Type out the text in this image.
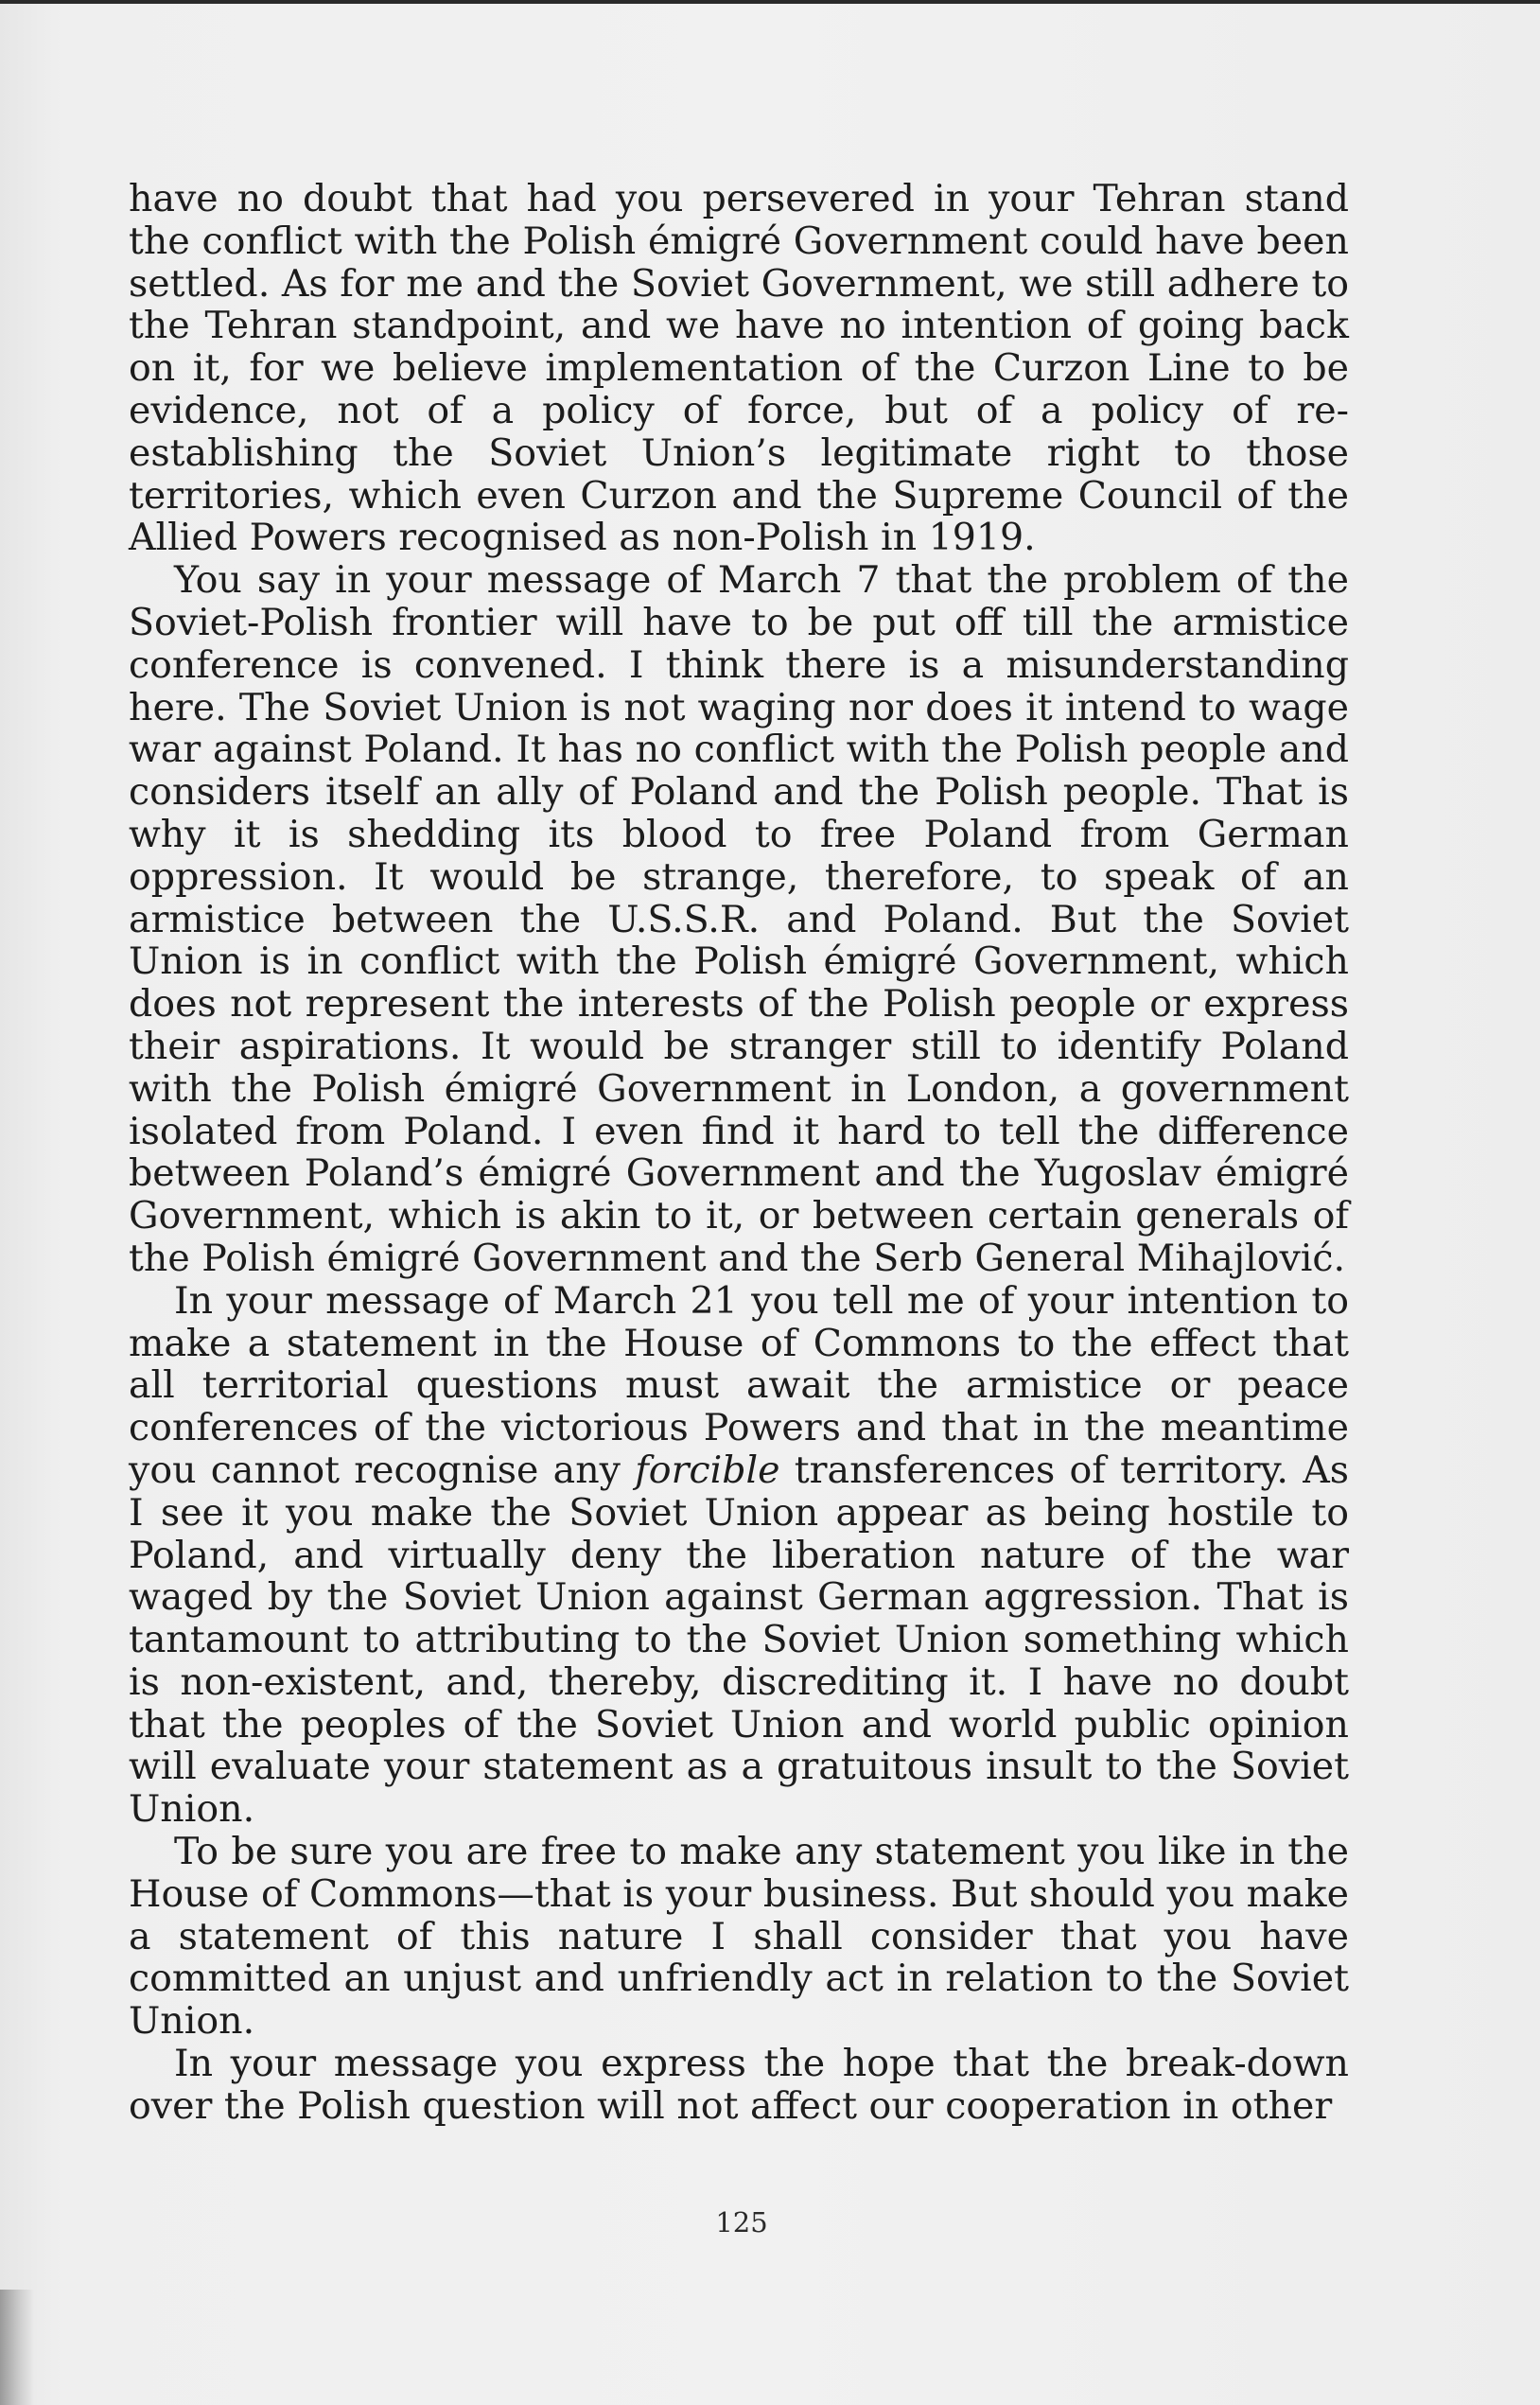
have no doubt that had you persevered in your Tehran stand the conflict with the Polish émigré Government could have been settled. As for me and the Soviet Government, we still adhere to the Tehran standpoint, and we have no intention of going back on it, for we believe implementation of the Curzon Line to be evidence, not of a policy of force, but of a policy of re-establishing the Soviet Union’s legitimate right to those territories, which even Curzon and the Supreme Council of the Allied Powers recognised as non-Polish in 1919.

You say in your message of March 7 that the problem of the Soviet-Polish frontier will have to be put off till the armistice conference is convened. I think there is a misunderstanding here. The Soviet Union is not waging nor does it intend to wage war against Poland. It has no conflict with the Polish people and considers itself an ally of Poland and the Polish people. That is why it is shedding its blood to free Poland from German oppression. It would be strange, therefore, to speak of an armistice between the U.S.S.R. and Poland. But the Soviet Union is in conflict with the Polish émigré Government, which does not represent the interests of the Polish people or express their aspirations. It would be stranger still to identify Poland with the Polish émigré Government in London, a government isolated from Poland. I even find it hard to tell the difference between Poland’s émigré Government and the Yugoslav émigré Government, which is akin to it, or between certain generals of the Polish émigré Government and the Serb General Mihajlović.

In your message of March 21 you tell me of your intention to make a statement in the House of Commons to the effect that all territorial questions must await the armistice or peace conferences of the victorious Powers and that in the meantime you cannot recognise any forcible transferences of territory. As I see it you make the Soviet Union appear as being hostile to Poland, and virtually deny the liberation nature of the war waged by the Soviet Union against German aggression. That is tantamount to attributing to the Soviet Union something which is non-existent, and, thereby, discrediting it. I have no doubt that the peoples of the Soviet Union and world public opinion will evaluate your statement as a gratuitous insult to the Soviet Union.

To be sure you are free to make any statement you like in the House of Commons—that is your business. But should you make a statement of this nature I shall consider that you have committed an unjust and unfriendly act in relation to the Soviet Union.

In your message you express the hope that the break-down over the Polish question will not affect our cooperation in other

125
